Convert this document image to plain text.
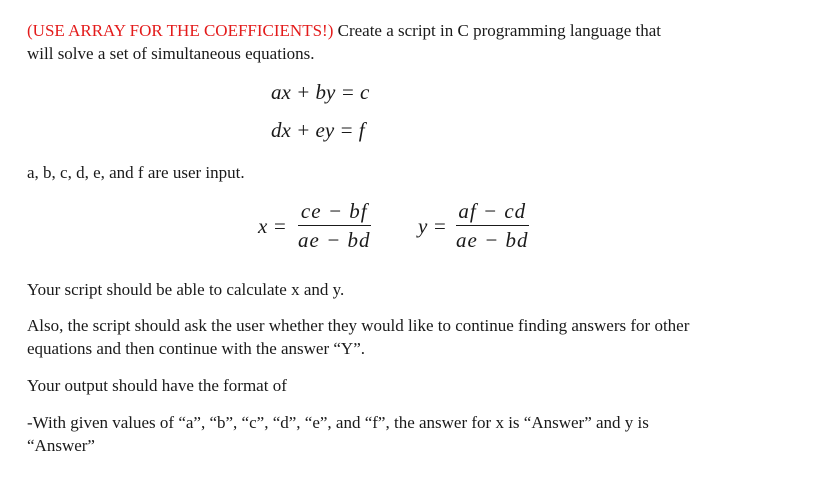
(USE ARRAY FOR THE COEFFICIENTS!) Create a script in C programming language that
will solve a set of simultaneous equations.
ax + by = c
dx + ey = f
a, b, c, d, e, and f are user input.
x =
ce − bf
ae − bd
y =
af − cd
ae − bd
Your script should be able to calculate x and y.
Also, the script should ask the user whether they would like to continue finding answers for other
equations and then continue with the answer “Y”.
Your output should have the format of
-With given values of “a”, “b”, “c”, “d”, “e”, and “f”, the answer for x is “Answer” and y is
“Answer”
